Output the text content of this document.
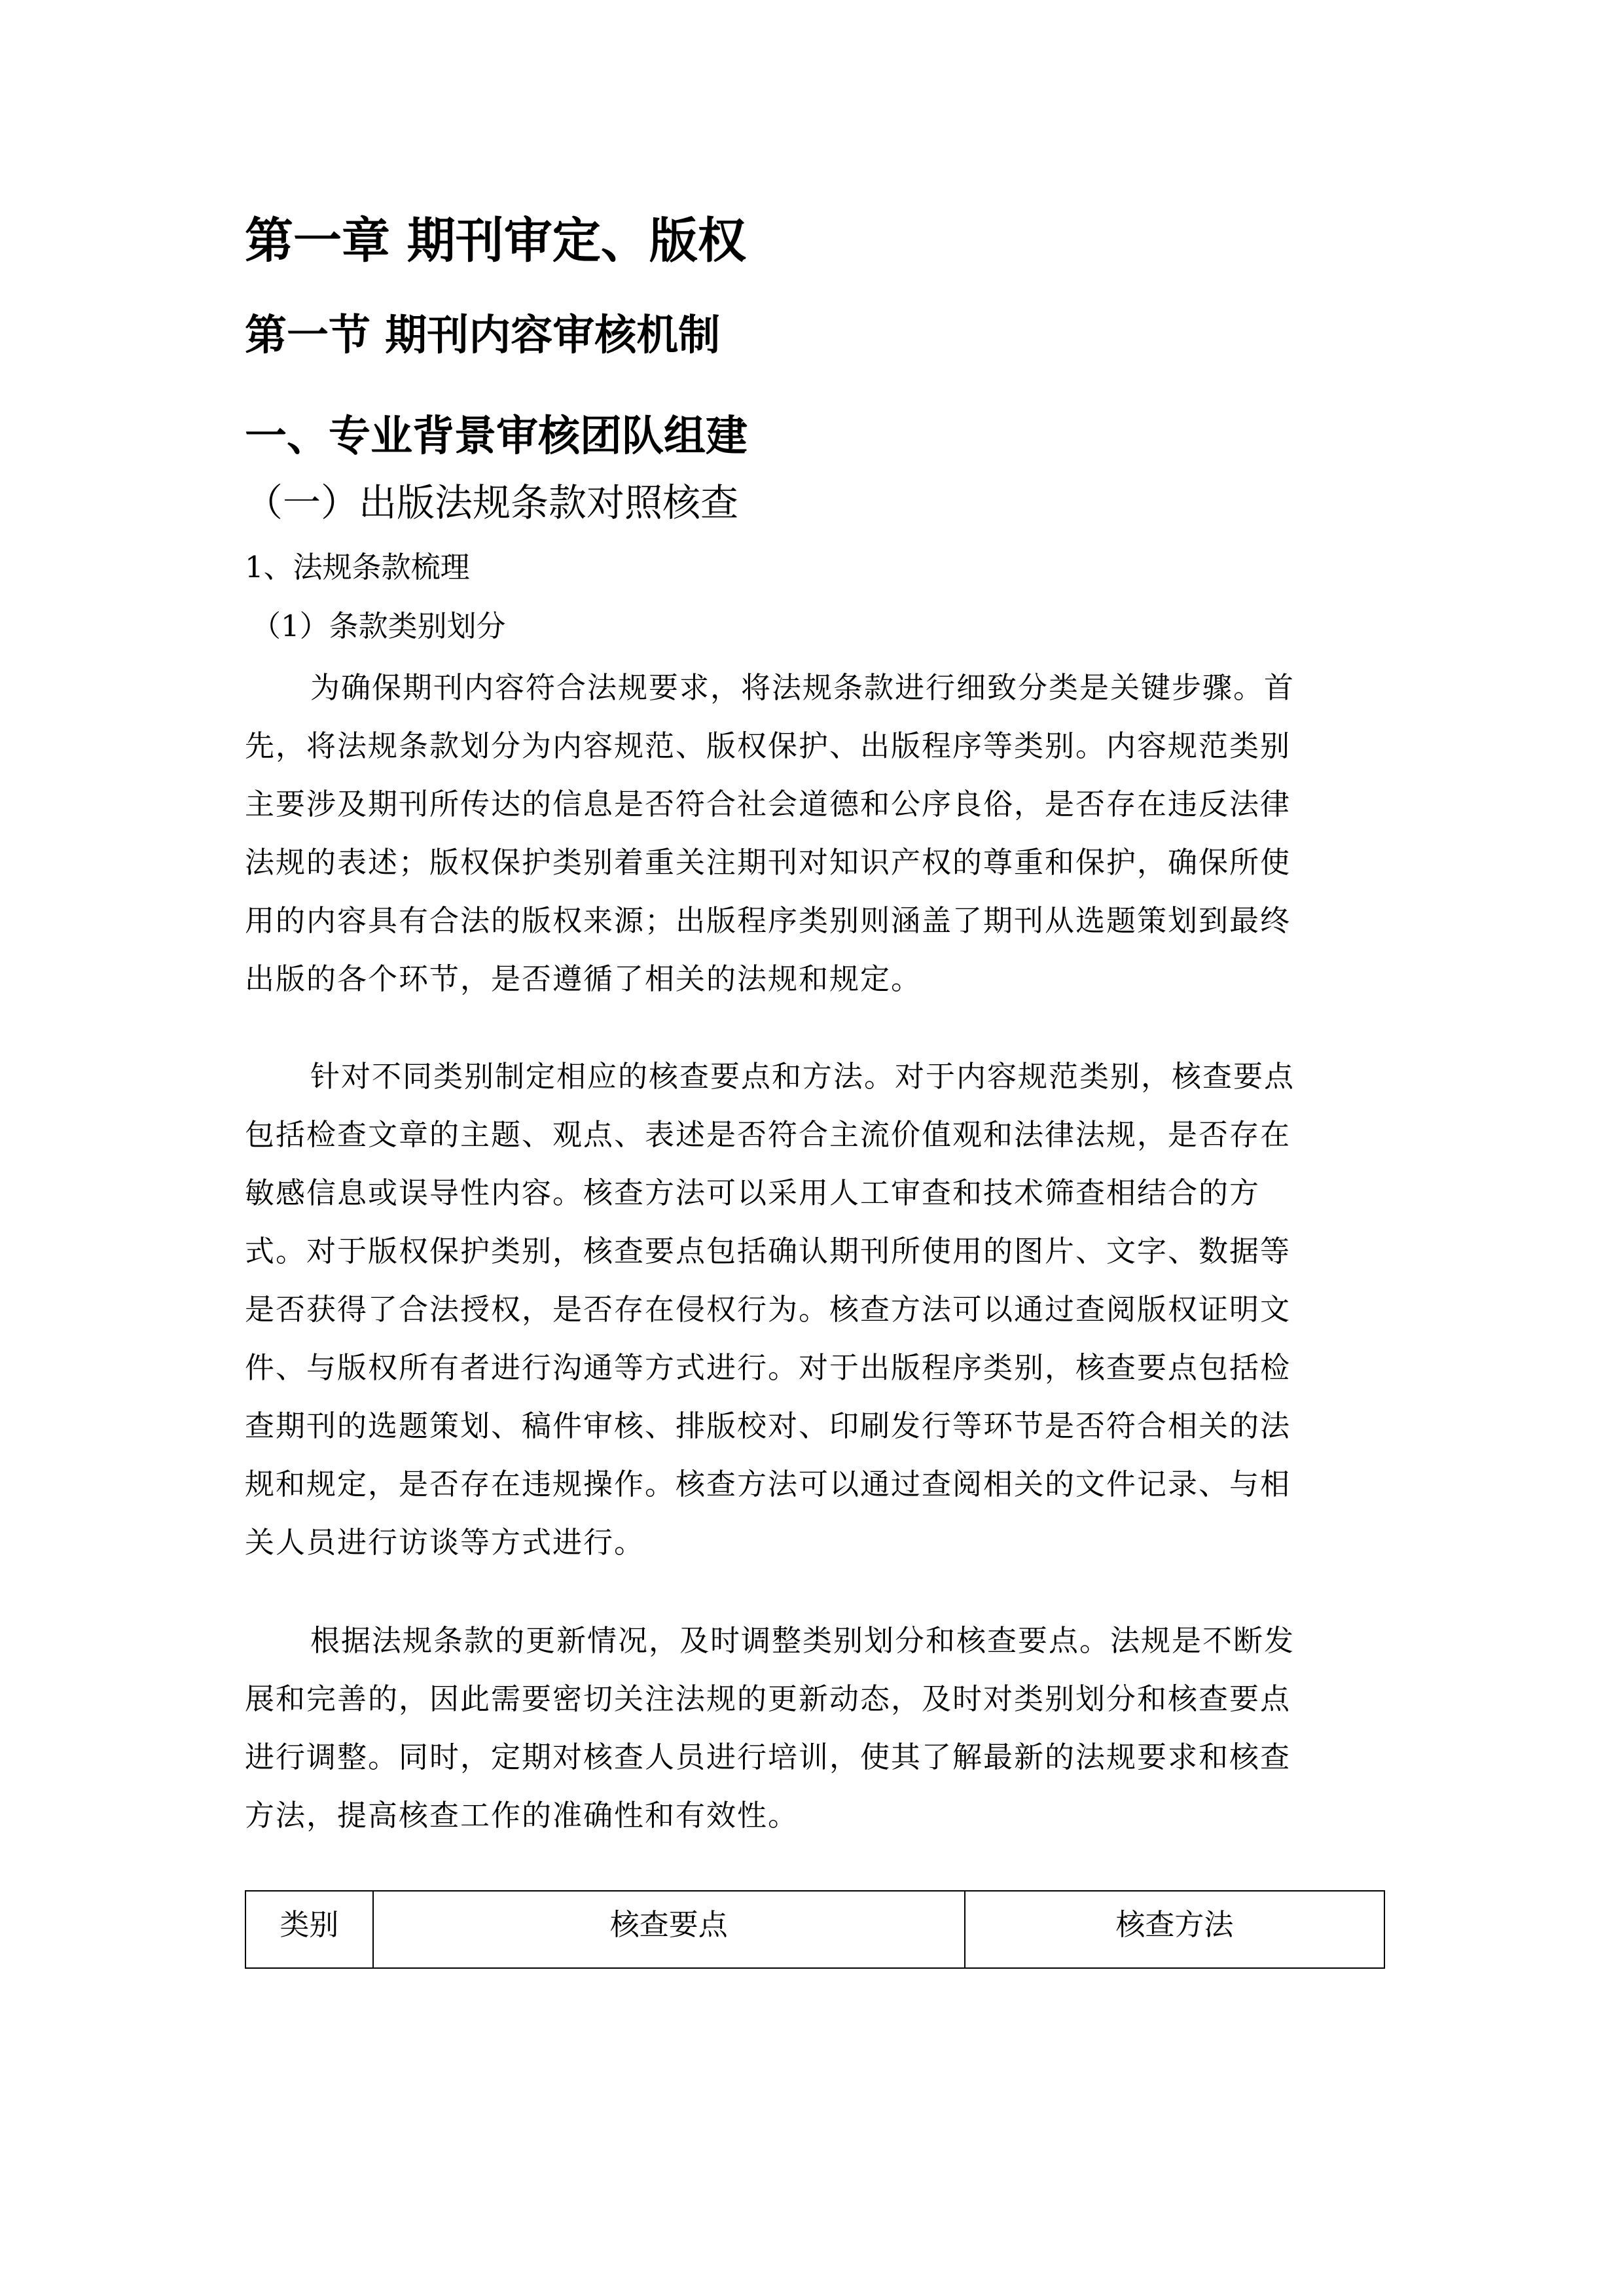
第一章 期刊审定、版权
第一节 期刊内容审核机制
一、专业背景审核团队组建
（一）出版法规条款对照核查
1、法规条款梳理
（1）条款类别划分

为确保期刊内容符合法规要求，将法规条款进行细致分类是关键步骤。首
先，将法规条款划分为内容规范、版权保护、出版程序等类别。内容规范类别
主要涉及期刊所传达的信息是否符合社会道德和公序良俗，是否存在违反法律
法规的表述；版权保护类别着重关注期刊对知识产权的尊重和保护，确保所使
用的内容具有合法的版权来源；出版程序类别则涵盖了期刊从选题策划到最终
出版的各个环节，是否遵循了相关的法规和规定。

针对不同类别制定相应的核查要点和方法。对于内容规范类别，核查要点
包括检查文章的主题、观点、表述是否符合主流价值观和法律法规，是否存在
敏感信息或误导性内容。核查方法可以采用人工审查和技术筛查相结合的方
式。对于版权保护类别，核查要点包括确认期刊所使用的图片、文字、数据等
是否获得了合法授权，是否存在侵权行为。核查方法可以通过查阅版权证明文
件、与版权所有者进行沟通等方式进行。对于出版程序类别，核查要点包括检
查期刊的选题策划、稿件审核、排版校对、印刷发行等环节是否符合相关的法
规和规定，是否存在违规操作。核查方法可以通过查阅相关的文件记录、与相
关人员进行访谈等方式进行。

根据法规条款的更新情况，及时调整类别划分和核查要点。法规是不断发
展和完善的，因此需要密切关注法规的更新动态，及时对类别划分和核查要点
进行调整。同时，定期对核查人员进行培训，使其了解最新的法规要求和核查
方法，提高核查工作的准确性和有效性。

类别	核查要点	核查方法
